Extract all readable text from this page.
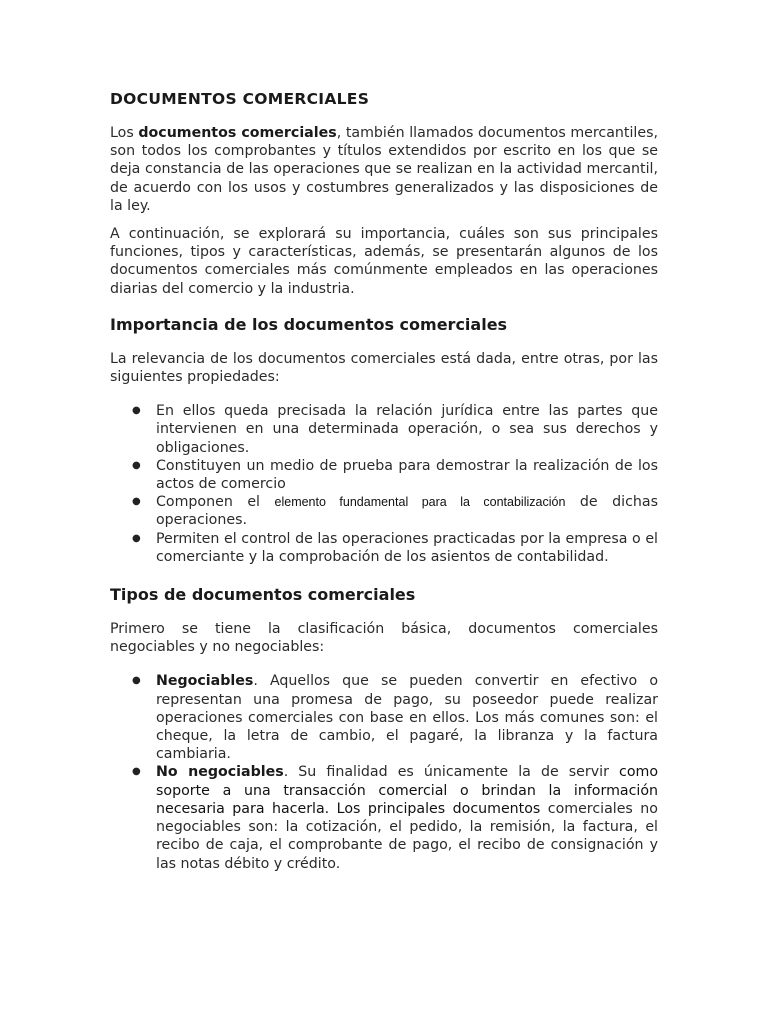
DOCUMENTOS COMERCIALES

Los documentos comerciales, también llamados documentos mercantiles, son todos los comprobantes y títulos extendidos por escrito en los que se deja constancia de las operaciones que se realizan en la actividad mercantil, de acuerdo con los usos y costumbres generalizados y las disposiciones de la ley.

A continuación, se explorará su importancia, cuáles son sus principales funciones, tipos y características, además, se presentarán algunos de los documentos comerciales más comúnmente empleados en las operaciones diarias del comercio y la industria.

Importancia de los documentos comerciales

La relevancia de los documentos comerciales está dada, entre otras, por las siguientes propiedades:

● En ellos queda precisada la relación jurídica entre las partes que intervienen en una determinada operación, o sea sus derechos y obligaciones.
● Constituyen un medio de prueba para demostrar la realización de los actos de comercio
● Componen el elemento fundamental para la contabilización de dichas operaciones.
● Permiten el control de las operaciones practicadas por la empresa o el comerciante y la comprobación de los asientos de contabilidad.
Tipos de documentos comerciales

Primero se tiene la clasificación básica, documentos comerciales negociables y no negociables:

● Negociables. Aquellos que se pueden convertir en efectivo o representan una promesa de pago, su poseedor puede realizar operaciones comerciales con base en ellos. Los más comunes son: el cheque, la letra de cambio, el pagaré, la libranza y la factura cambiaria.
● No negociables. Su finalidad es únicamente la de servir como soporte a una transacción comercial o brindan la información necesaria para hacerla. Los principales documentos comerciales no negociables son: la cotización, el pedido, la remisión, la factura, el recibo de caja, el comprobante de pago, el recibo de consignación y las notas débito y crédito.
